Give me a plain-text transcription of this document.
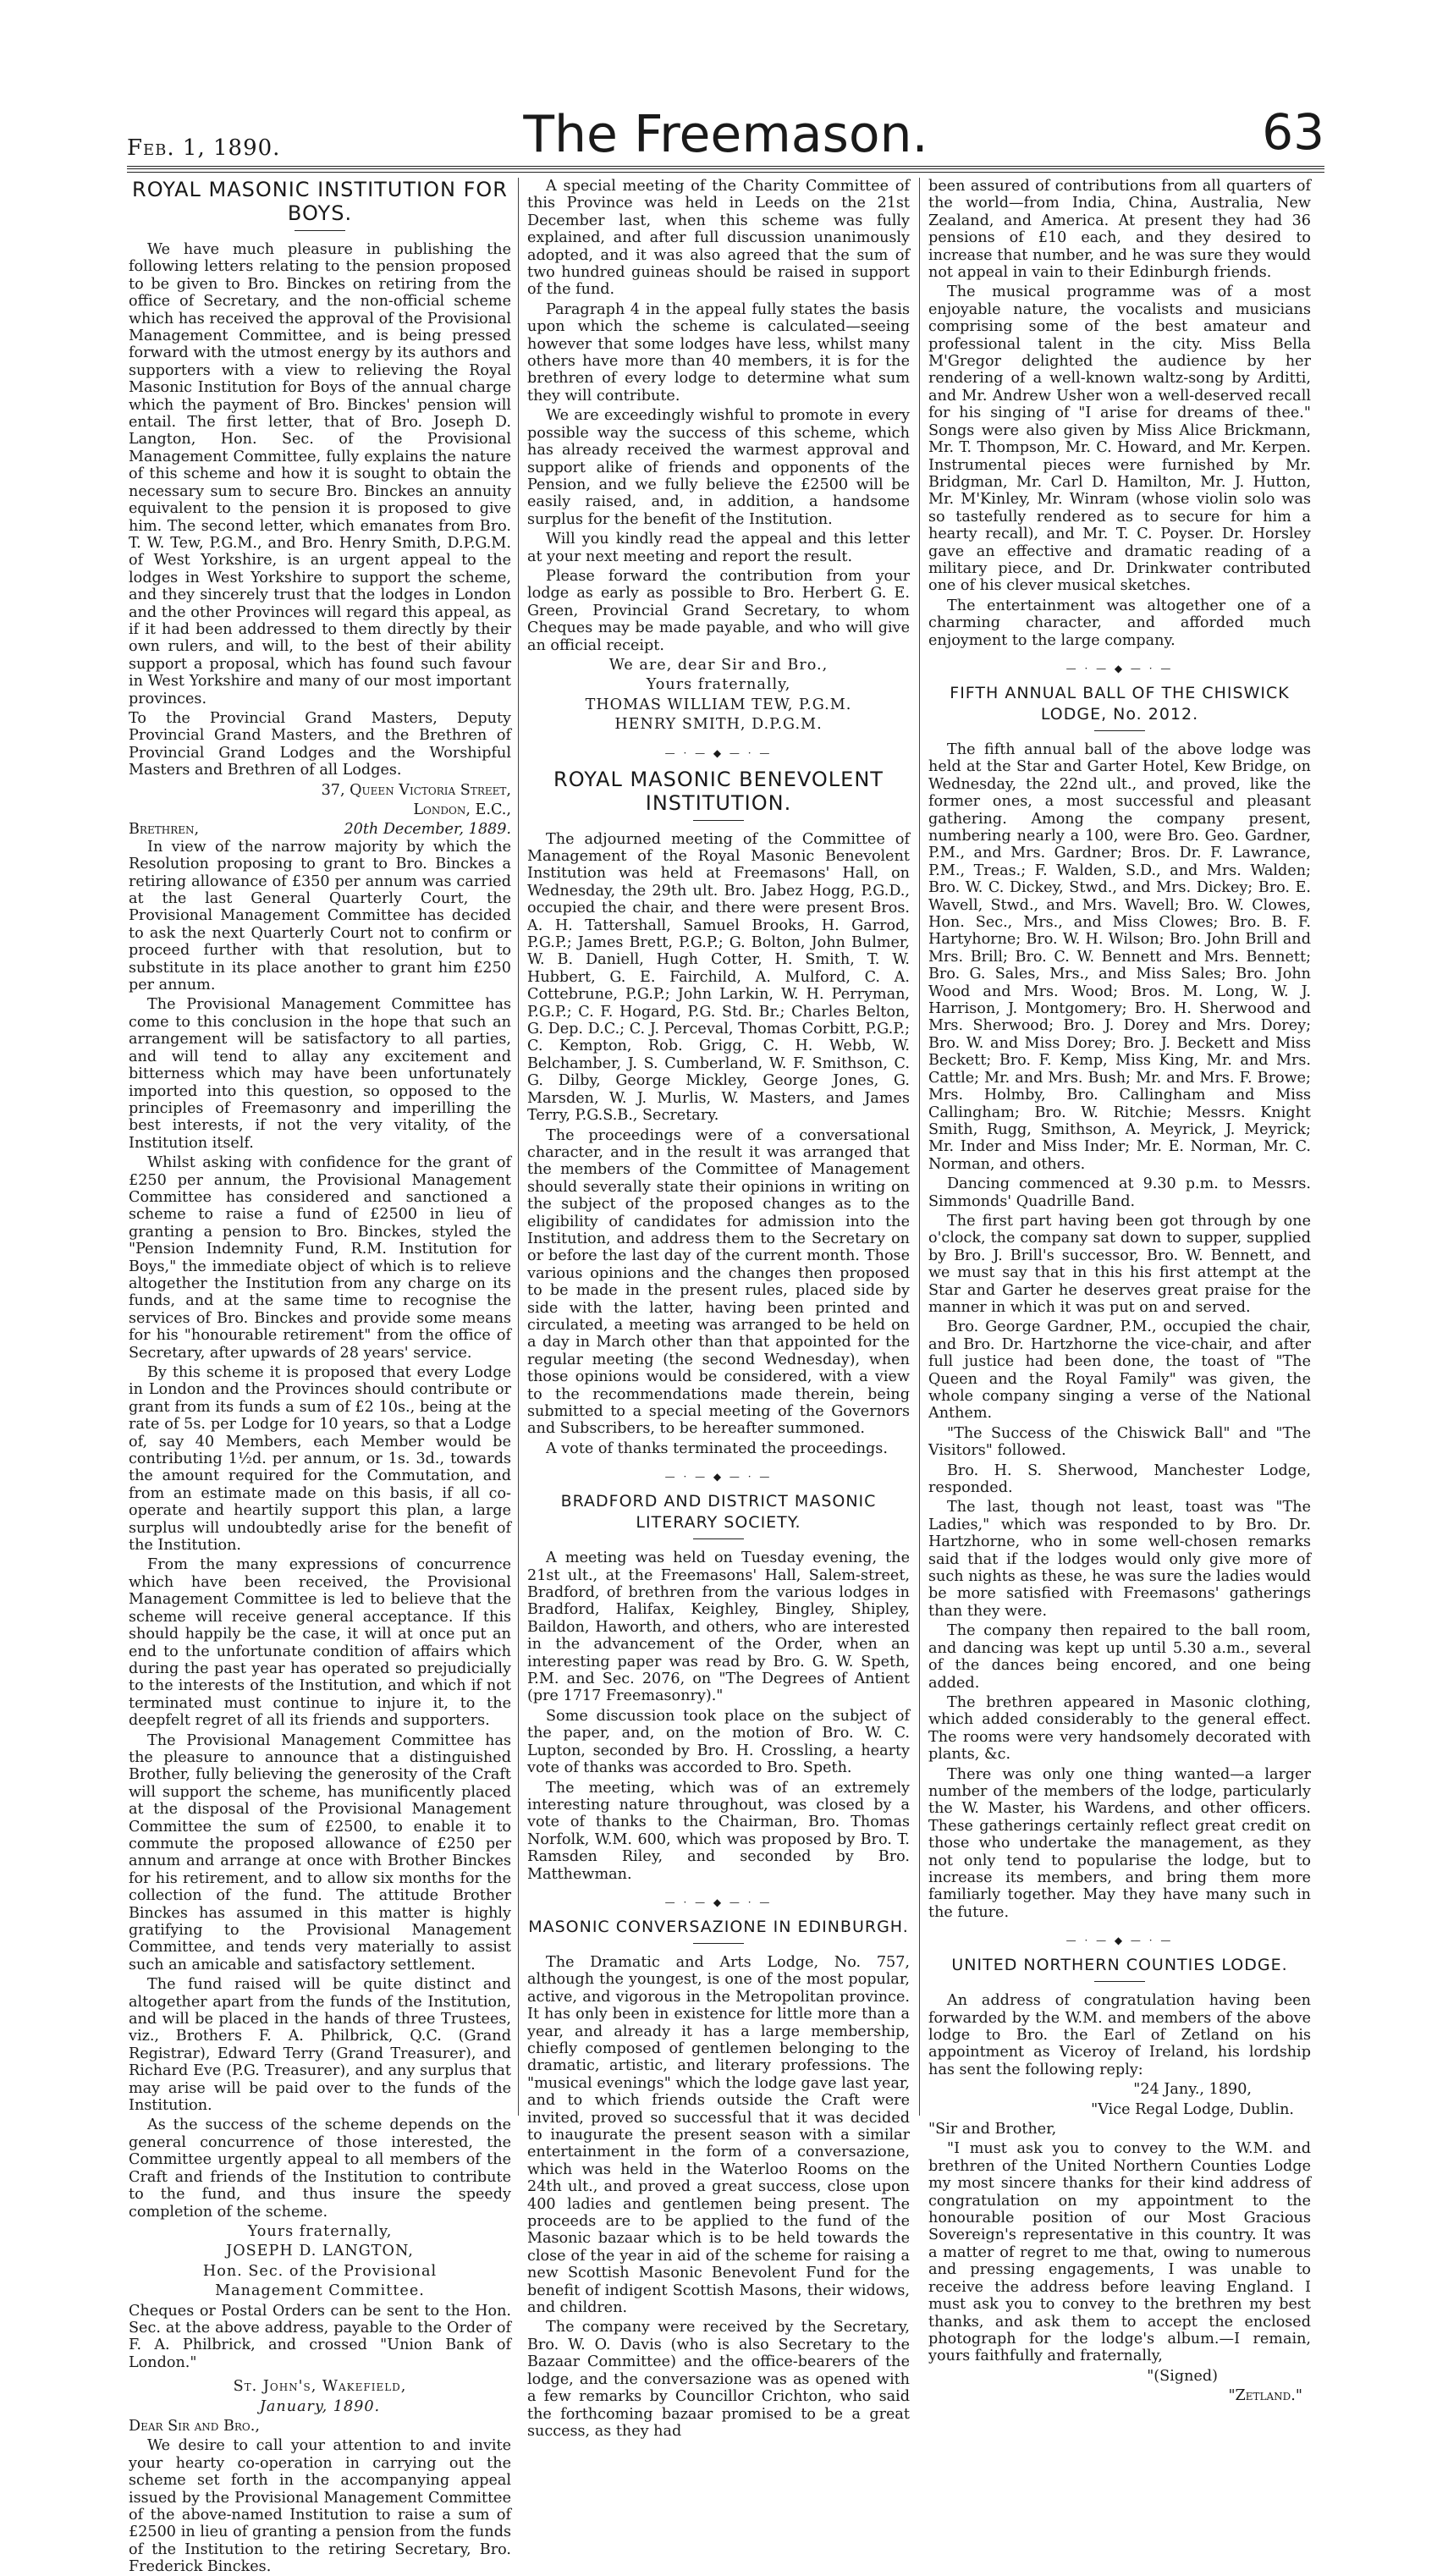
Feb. 1, 1890.	The Freemason.	63
ROYAL MASONIC INSTITUTION FOR BOYS.

We have much pleasure in publishing the following letters relating to the pension proposed to be given to Bro. Binckes on retiring from the office of Secretary, and the non-official scheme which has received the approval of the Provisional Management Committee, and is being pressed forward with the utmost energy by its authors and supporters with a view to relieving the Royal Masonic Institution for Boys of the annual charge which the payment of Bro. Binckes' pension will entail. The first letter, that of Bro. Joseph D. Langton, Hon. Sec. of the Provisional Management Committee, fully explains the nature of this scheme and how it is sought to obtain the necessary sum to secure Bro. Binckes an annuity equivalent to the pension it is proposed to give him. The second letter, which emanates from Bro. T. W. Tew, P.G.M., and Bro. Henry Smith, D.P.G.M. of West Yorkshire, is an urgent appeal to the lodges in West Yorkshire to support the scheme, and they sincerely trust that the lodges in London and the other Provinces will regard this appeal, as if it had been addressed to them directly by their own rulers, and will, to the best of their ability support a proposal, which has found such favour in West Yorkshire and many of our most important provinces.

To the Provincial Grand Masters, Deputy Provincial Grand Masters, and the Brethren of Provincial Grand Lodges and the Worshipful Masters and Brethren of all Lodges.

37, Queen Victoria Street,

London, E.C.,

Brethren,	20th December, 1889.

In view of the narrow majority by which the Resolution proposing to grant to Bro. Binckes a retiring allowance of £350 per annum was carried at the last General Quarterly Court, the Provisional Management Committee has decided to ask the next Quarterly Court not to confirm or proceed further with that resolution, but to substitute in its place another to grant him £250 per annum.

The Provisional Management Committee has come to this conclusion in the hope that such an arrangement will be satisfactory to all parties, and will tend to allay any excitement and bitterness which may have been unfortunately imported into this question, so opposed to the principles of Freemasonry and imperilling the best interests, if not the very vitality, of the Institution itself.

Whilst asking with confidence for the grant of £250 per annum, the Provisional Management Committee has considered and sanctioned a scheme to raise a fund of £2500 in lieu of granting a pension to Bro. Binckes, styled the "Pension Indemnity Fund, R.M. Institution for Boys," the immediate object of which is to relieve altogether the Institution from any charge on its funds, and at the same time to recognise the services of Bro. Binckes and provide some means for his "honourable retirement" from the office of Secretary, after upwards of 28 years' service.

By this scheme it is proposed that every Lodge in London and the Provinces should contribute or grant from its funds a sum of £2 10s., being at the rate of 5s. per Lodge for 10 years, so that a Lodge of, say 40 Members, each Member would be contributing 1½d. per annum, or 1s. 3d., towards the amount required for the Commutation, and from an estimate made on this basis, if all co-operate and heartily support this plan, a large surplus will undoubtedly arise for the benefit of the Institution.

From the many expressions of concurrence which have been received, the Provisional Management Committee is led to believe that the scheme will receive general acceptance. If this should happily be the case, it will at once put an end to the unfortunate condition of affairs which during the past year has operated so prejudicially to the interests of the Institution, and which if not terminated must continue to injure it, to the deepfelt regret of all its friends and supporters.

The Provisional Management Committee has the pleasure to announce that a distinguished Brother, fully believing the generosity of the Craft will support the scheme, has munificently placed at the disposal of the Provisional Management Committee the sum of £2500, to enable it to commute the proposed allowance of £250 per annum and arrange at once with Brother Binckes for his retirement, and to allow six months for the collection of the fund. The attitude Brother Binckes has assumed in this matter is highly gratifying to the Provisional Management Committee, and tends very materially to assist such an amicable and satisfactory settlement.

The fund raised will be quite distinct and altogether apart from the funds of the Institution, and will be placed in the hands of three Trustees, viz., Brothers F. A. Philbrick, Q.C. (Grand Registrar), Edward Terry (Grand Treasurer), and Richard Eve (P.G. Treasurer), and any surplus that may arise will be paid over to the funds of the Institution.

As the success of the scheme depends on the general concurrence of those interested, the Committee urgently appeal to all members of the Craft and friends of the Institution to contribute to the fund, and thus insure the speedy completion of the scheme.

Yours fraternally,

JOSEPH D. LANGTON,

Hon. Sec. of the Provisional

Management Committee.

Cheques or Postal Orders can be sent to the Hon. Sec. at the above address, payable to the Order of F. A. Philbrick, and crossed "Union Bank of London."

St. John's, Wakefield,

January, 1890.

Dear Sir and Bro.,

We desire to call your attention to and invite your hearty co-operation in carrying out the scheme set forth in the accompanying appeal issued by the Provisional Management Committee of the above-named Institution to raise a sum of £2500 in lieu of granting a pension from the funds of the Institution to the retiring Secretary, Bro. Frederick Binckes.

A special meeting of the Charity Committee of this Province was held in Leeds on the 21st December last, when this scheme was fully explained, and after full discussion unanimously adopted, and it was also agreed that the sum of two hundred guineas should be raised in support of the fund.

Paragraph 4 in the appeal fully states the basis upon which the scheme is calculated—seeing however that some lodges have less, whilst many others have more than 40 members, it is for the brethren of every lodge to determine what sum they will contribute.

We are exceedingly wishful to promote in every possible way the success of this scheme, which has already received the warmest approval and support alike of friends and opponents of the Pension, and we fully believe the £2500 will be easily raised, and, in addition, a handsome surplus for the benefit of the Institution.

Will you kindly read the appeal and this letter at your next meeting and report the result.

Please forward the contribution from your lodge as early as possible to Bro. Herbert G. E. Green, Provincial Grand Secretary, to whom Cheques may be made payable, and who will give an official receipt.

We are, dear Sir and Bro.,

Yours fraternally,

THOMAS WILLIAM TEW, P.G.M.

HENRY SMITH, D.P.G.M.

— · — ◆ — · —
ROYAL MASONIC BENEVOLENT INSTITUTION.

The adjourned meeting of the Committee of Management of the Royal Masonic Benevolent Institution was held at Freemasons' Hall, on Wednesday, the 29th ult. Bro. Jabez Hogg, P.G.D., occupied the chair, and there were present Bros. A. H. Tattershall, Samuel Brooks, H. Garrod, P.G.P.; James Brett, P.G.P.; G. Bolton, John Bulmer, W. B. Daniell, Hugh Cotter, H. Smith, T. W. Hubbert, G. E. Fairchild, A. Mulford, C. A. Cottebrune, P.G.P.; John Larkin, W. H. Perryman, P.G.P.; C. F. Hogard, P.G. Std. Br.; Charles Belton, G. Dep. D.C.; C. J. Perceval, Thomas Corbitt, P.G.P.; C. Kempton, Rob. Grigg, C. H. Webb, W. Belchamber, J. S. Cumberland, W. F. Smithson, C. G. Dilby, George Mickley, George Jones, G. Marsden, W. J. Murlis, W. Masters, and James Terry, P.G.S.B., Secretary.

The proceedings were of a conversational character, and in the result it was arranged that the members of the Committee of Management should severally state their opinions in writing on the subject of the proposed changes as to the eligibility of candidates for admission into the Institution, and address them to the Secretary on or before the last day of the current month. Those various opinions and the changes then proposed to be made in the present rules, placed side by side with the latter, having been printed and circulated, a meeting was arranged to be held on a day in March other than that appointed for the regular meeting (the second Wednesday), when those opinions would be considered, with a view to the recommendations made therein, being submitted to a special meeting of the Governors and Subscribers, to be hereafter summoned.

A vote of thanks terminated the proceedings.

— · — ◆ — · —
BRADFORD AND DISTRICT MASONIC LITERARY SOCIETY.

A meeting was held on Tuesday evening, the 21st ult., at the Freemasons' Hall, Salem-street, Bradford, of brethren from the various lodges in Bradford, Halifax, Keighley, Bingley, Shipley, Baildon, Haworth, and others, who are interested in the advancement of the Order, when an interesting paper was read by Bro. G. W. Speth, P.M. and Sec. 2076, on "The Degrees of Antient (pre 1717 Freemasonry)."

Some discussion took place on the subject of the paper, and, on the motion of Bro. W. C. Lupton, seconded by Bro. H. Crossling, a hearty vote of thanks was accorded to Bro. Speth.

The meeting, which was of an extremely interesting nature throughout, was closed by a vote of thanks to the Chairman, Bro. Thomas Norfolk, W.M. 600, which was proposed by Bro. T. Ramsden Riley, and seconded by Bro. Matthewman.

— · — ◆ — · —
MASONIC CONVERSAZIONE IN EDINBURGH.

The Dramatic and Arts Lodge, No. 757, although the youngest, is one of the most popular, active, and vigorous in the Metropolitan province. It has only been in existence for little more than a year, and already it has a large membership, chiefly composed of gentlemen belonging to the dramatic, artistic, and literary professions. The "musical evenings" which the lodge gave last year, and to which friends outside the Craft were invited, proved so successful that it was decided to inaugurate the present season with a similar entertainment in the form of a conversazione, which was held in the Waterloo Rooms on the 24th ult., and proved a great success, close upon 400 ladies and gentlemen being present. The proceeds are to be applied to the fund of the Masonic bazaar which is to be held towards the close of the year in aid of the scheme for raising a new Scottish Masonic Benevolent Fund for the benefit of indigent Scottish Masons, their widows, and children.

The company were received by the Secretary, Bro. W. O. Davis (who is also Secretary to the Bazaar Committee) and the office-bearers of the lodge, and the conversazione was as opened with a few remarks by Councillor Crichton, who said the forthcoming bazaar promised to be a great success, as they had

been assured of contributions from all quarters of the world—from India, China, Australia, New Zealand, and America. At present they had 36 pensions of £10 each, and they desired to increase that number, and he was sure they would not appeal in vain to their Edinburgh friends.

The musical programme was of a most enjoyable nature, the vocalists and musicians comprising some of the best amateur and professional talent in the city. Miss Bella M'Gregor delighted the audience by her rendering of a well-known waltz-song by Arditti, and Mr. Andrew Usher won a well-deserved recall for his singing of "I arise for dreams of thee." Songs were also given by Miss Alice Brickmann, Mr. T. Thompson, Mr. C. Howard, and Mr. Kerpen. Instrumental pieces were furnished by Mr. Bridgman, Mr. Carl D. Hamilton, Mr. J. Hutton, Mr. M'Kinley, Mr. Winram (whose violin solo was so tastefully rendered as to secure for him a hearty recall), and Mr. T. C. Poyser. Dr. Horsley gave an effective and dramatic reading of a military piece, and Dr. Drinkwater contributed one of his clever musical sketches.

The entertainment was altogether one of a charming character, and afforded much enjoyment to the large company.

— · — ◆ — · —
FIFTH ANNUAL BALL OF THE CHISWICK LODGE, No. 2012.

The fifth annual ball of the above lodge was held at the Star and Garter Hotel, Kew Bridge, on Wednesday, the 22nd ult., and proved, like the former ones, a most successful and pleasant gathering. Among the company present, numbering nearly a 100, were Bro. Geo. Gardner, P.M., and Mrs. Gardner; Bros. Dr. F. Lawrance, P.M., Treas.; F. Walden, S.D., and Mrs. Walden; Bro. W. C. Dickey, Stwd., and Mrs. Dickey; Bro. E. Wavell, Stwd., and Mrs. Wavell; Bro. W. Clowes, Hon. Sec., Mrs., and Miss Clowes; Bro. B. F. Hartyhorne; Bro. W. H. Wilson; Bro. John Brill and Mrs. Brill; Bro. C. W. Bennett and Mrs. Bennett; Bro. G. Sales, Mrs., and Miss Sales; Bro. John Wood and Mrs. Wood; Bros. M. Long, W. J. Harrison, J. Montgomery; Bro. H. Sherwood and Mrs. Sherwood; Bro. J. Dorey and Mrs. Dorey; Bro. W. and Miss Dorey; Bro. J. Beckett and Miss Beckett; Bro. F. Kemp, Miss King, Mr. and Mrs. Cattle; Mr. and Mrs. Bush; Mr. and Mrs. F. Browe; Mrs. Holmby, Bro. Callingham and Miss Callingham; Bro. W. Ritchie; Messrs. Knight Smith, Rugg, Smithson, A. Meyrick, J. Meyrick; Mr. Inder and Miss Inder; Mr. E. Norman, Mr. C. Norman, and others.

Dancing commenced at 9.30 p.m. to Messrs. Simmonds' Quadrille Band.

The first part having been got through by one o'clock, the company sat down to supper, supplied by Bro. J. Brill's successor, Bro. W. Bennett, and we must say that in this his first attempt at the Star and Garter he deserves great praise for the manner in which it was put on and served.

Bro. George Gardner, P.M., occupied the chair, and Bro. Dr. Hartzhorne the vice-chair, and after full justice had been done, the toast of "The Queen and the Royal Family" was given, the whole company singing a verse of the National Anthem.

"The Success of the Chiswick Ball" and "The Visitors" followed.

Bro. H. S. Sherwood, Manchester Lodge, responded.

The last, though not least, toast was "The Ladies," which was responded to by Bro. Dr. Hartzhorne, who in some well-chosen remarks said that if the lodges would only give more of such nights as these, he was sure the ladies would be more satisfied with Freemasons' gatherings than they were.

The company then repaired to the ball room, and dancing was kept up until 5.30 a.m., several of the dances being encored, and one being added.

The brethren appeared in Masonic clothing, which added considerably to the general effect. The rooms were very handsomely decorated with plants, &c.

There was only one thing wanted—a larger number of the members of the lodge, particularly the W. Master, his Wardens, and other officers. These gatherings certainly reflect great credit on those who undertake the management, as they not only tend to popularise the lodge, but to increase its members, and bring them more familiarly together. May they have many such in the future.

— · — ◆ — · —
UNITED NORTHERN COUNTIES LODGE.

An address of congratulation having been forwarded by the W.M. and members of the above lodge to Bro. the Earl of Zetland on his appointment as Viceroy of Ireland, his lordship has sent the following reply:

"24 Jany., 1890,

"Vice Regal Lodge, Dublin.

"Sir and Brother,

"I must ask you to convey to the W.M. and brethren of the United Northern Counties Lodge my most sincere thanks for their kind address of congratulation on my appointment to the honourable position of our Most Gracious Sovereign's representative in this country. It was a matter of regret to me that, owing to numerous and pressing engagements, I was unable to receive the address before leaving England. I must ask you to convey to the brethren my best thanks, and ask them to accept the enclosed photograph for the lodge's album.—I remain, yours faithfully and fraternally,

"(Signed)

"Zetland."
